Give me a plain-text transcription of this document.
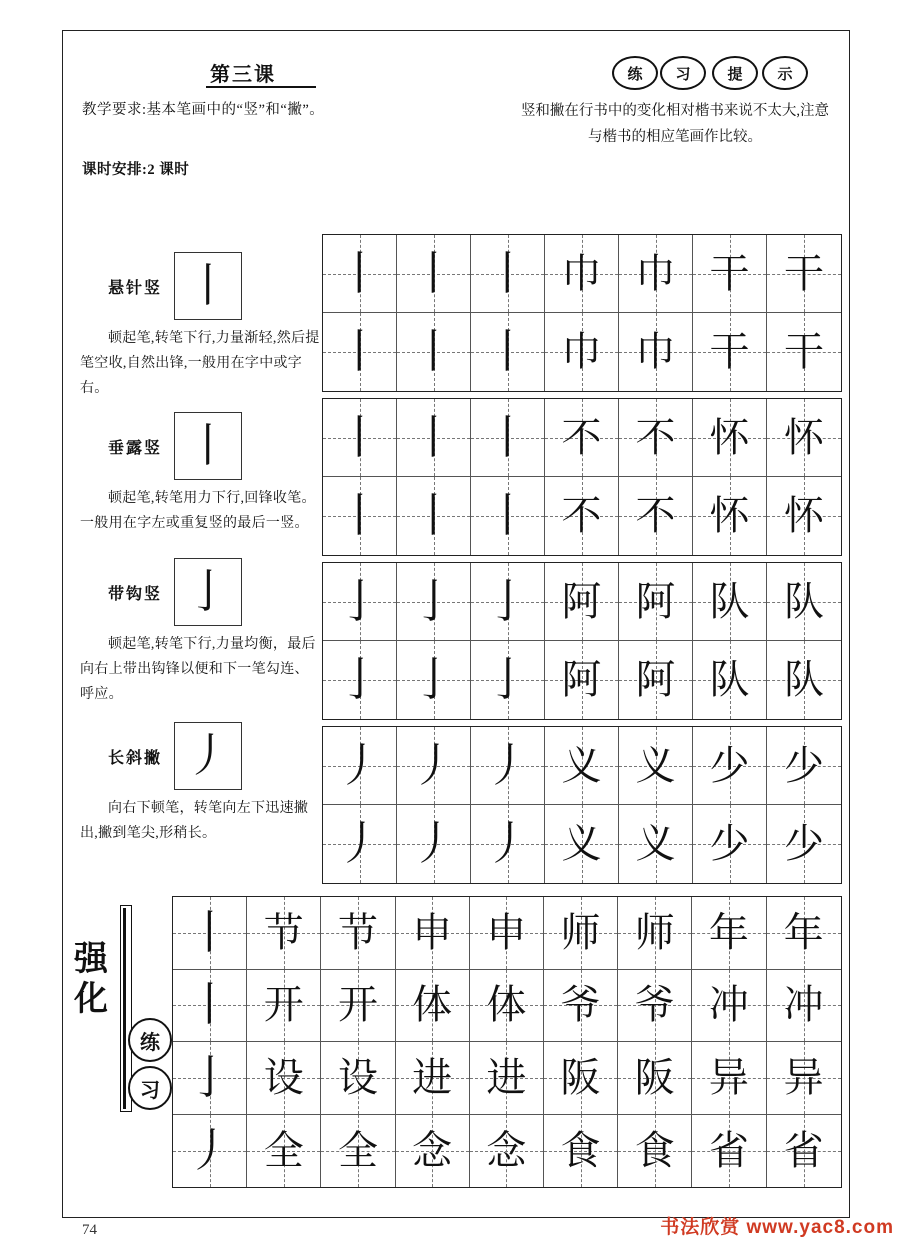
第三课
教学要求:基本笔画中的“竖”和“撇”。
课时安排:2 课时
练	习	提	示
竖和撇在行书中的变化相对楷书来说不太大,注意与楷书的相应笔画作比较。
悬针竖 丨
顿起笔,转笔下行,力量渐轻,然后提笔空收,自然出锋,一般用在字中或字右。
垂露竖 丨
顿起笔,转笔用力下行,回锋收笔。一般用在字左或重复竖的最后一竖。
带钩竖 亅
顿起笔,转笔下行,力量均衡，最后向右上带出钩锋以便和下一笔勾连、呼应。
长斜撇 丿
向右下顿笔，转笔向左下迅速撇出,撇到笔尖,形稍长。
丨 丨 丨 巾 巾 干 干
丨 丨 丨 巾 巾 干 干
丨 丨 丨 不 不 怀 怀
丨 丨 丨 不 不 怀 怀
亅 亅 亅 阿 阿 队 队
亅 亅 亅 阿 阿 队 队
丿 丿 丿 义 义 少 少
丿 丿 丿 义 义 少 少
强化
练
习
丨 节 节 申 申 师 师 年 年
丨 开 开 体 体 爷 爷 冲 冲
亅 设 设 进 进 阪 阪 异 异
丿 全 全 念 念 食 食 省 省
74	书法欣赏 www.yac8.com
